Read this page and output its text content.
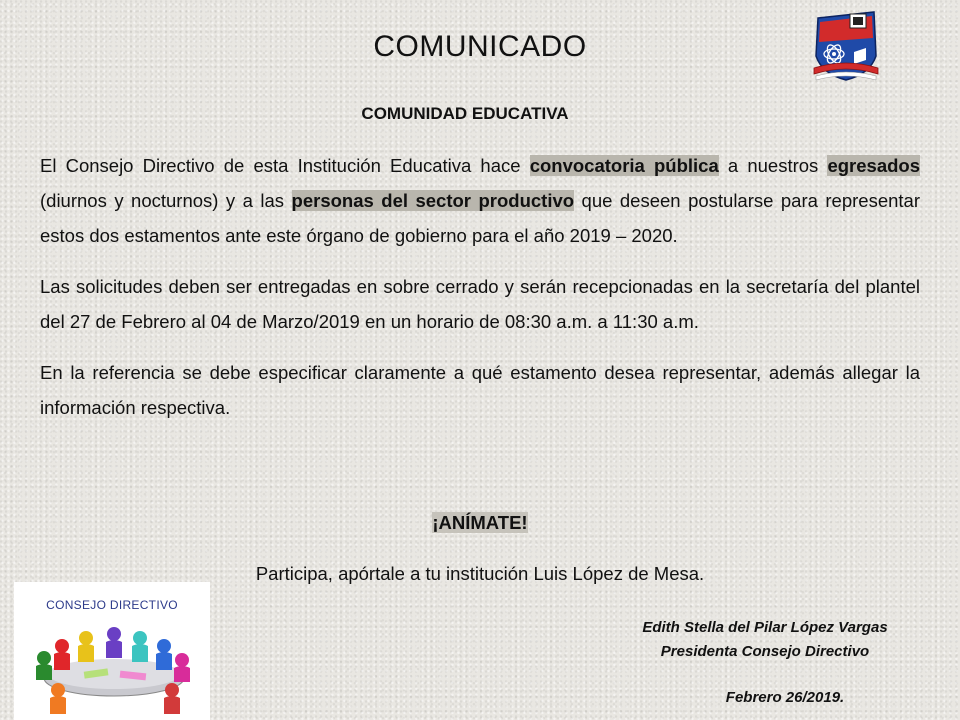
COMUNICADO
COMUNIDAD EDUCATIVA

El Consejo Directivo de esta Institución Educativa hace convocatoria pública a nuestros egresados (diurnos y nocturnos) y a las personas del sector productivo que deseen postularse para representar estos dos estamentos ante este órgano de gobierno para el año 2019 – 2020.

Las solicitudes deben ser entregadas en sobre cerrado y serán recepcionadas en la secretaría del plantel del 27 de Febrero al 04 de Marzo/2019 en un horario de 08:30 a.m. a 11:30 a.m.

En la referencia se debe especificar claramente a qué estamento desea representar, además allegar la información respectiva.

¡ANÍMATE!
Participa, apórtale a tu institución Luis López de Mesa.
CONSEJO DIRECTIVO
Edith Stella del Pilar López Vargas
Presidenta Consejo Directivo
Febrero 26/2019.
